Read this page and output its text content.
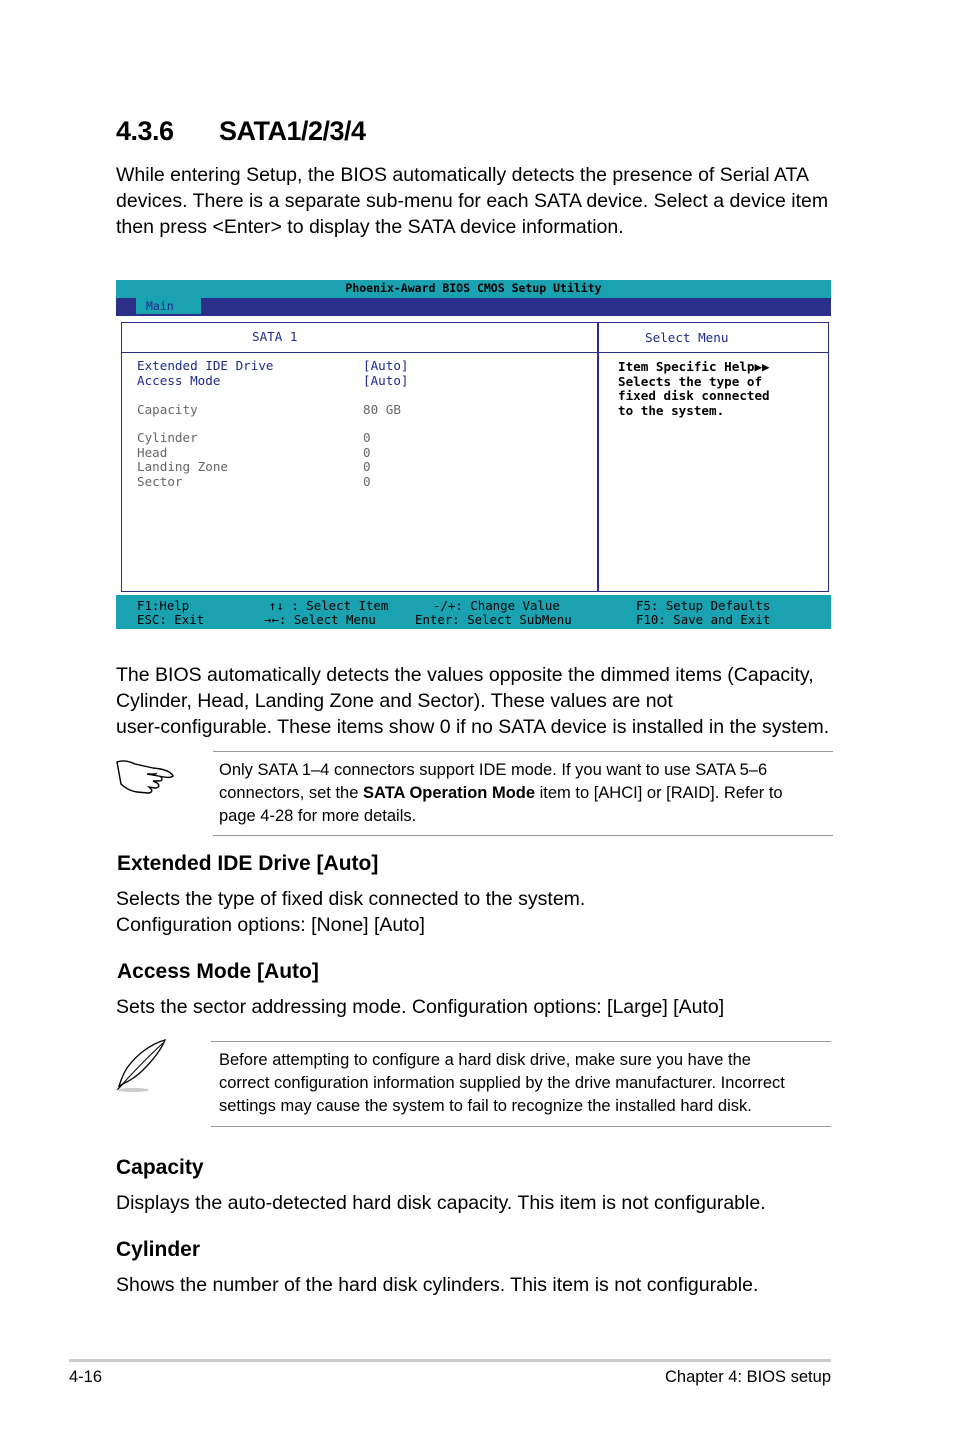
4.3.6 SATA1/2/3/4
While entering Setup, the BIOS automatically detects the presence of Serial ATA
devices. There is a separate sub-menu for each SATA device. Select a device item
then press <Enter> to display the SATA device information.
Phoenix-Award BIOS CMOS Setup Utility
Main
SATA 1
Extended IDE Drive	[Auto]
Access Mode	[Auto]
Capacity	80 GB
Cylinder	0
Head	0
Landing Zone	0
Sector	0
Select Menu
Item Specific Help▶▶
Selects the type of
fixed disk connected
to the system.
F1:Help
ESC: Exit
↑↓ : Select Item
→←: Select Menu
-/+: Change Value
Enter: Select SubMenu
F5: Setup Defaults
F10: Save and Exit
The BIOS automatically detects the values opposite the dimmed items (Capacity,
Cylinder, Head, Landing Zone and Sector). These values are not
user-configurable. These items show 0 if no SATA device is installed in the system.
Only SATA 1–4 connectors support IDE mode. If you want to use SATA 5–6
connectors, set the SATA Operation Mode item to [AHCI] or [RAID]. Refer to
page 4-28 for more details.
Extended IDE Drive [Auto]
Selects the type of fixed disk connected to the system.
Configuration options: [None] [Auto]
Access Mode [Auto]
Sets the sector addressing mode. Configuration options: [Large] [Auto]
Before attempting to configure a hard disk drive, make sure you have the
correct configuration information supplied by the drive manufacturer. Incorrect
settings may cause the system to fail to recognize the installed hard disk.
Capacity
Displays the auto-detected hard disk capacity. This item is not configurable.
Cylinder
Shows the number of the hard disk cylinders. This item is not configurable.
4-16	Chapter 4: BIOS setup
